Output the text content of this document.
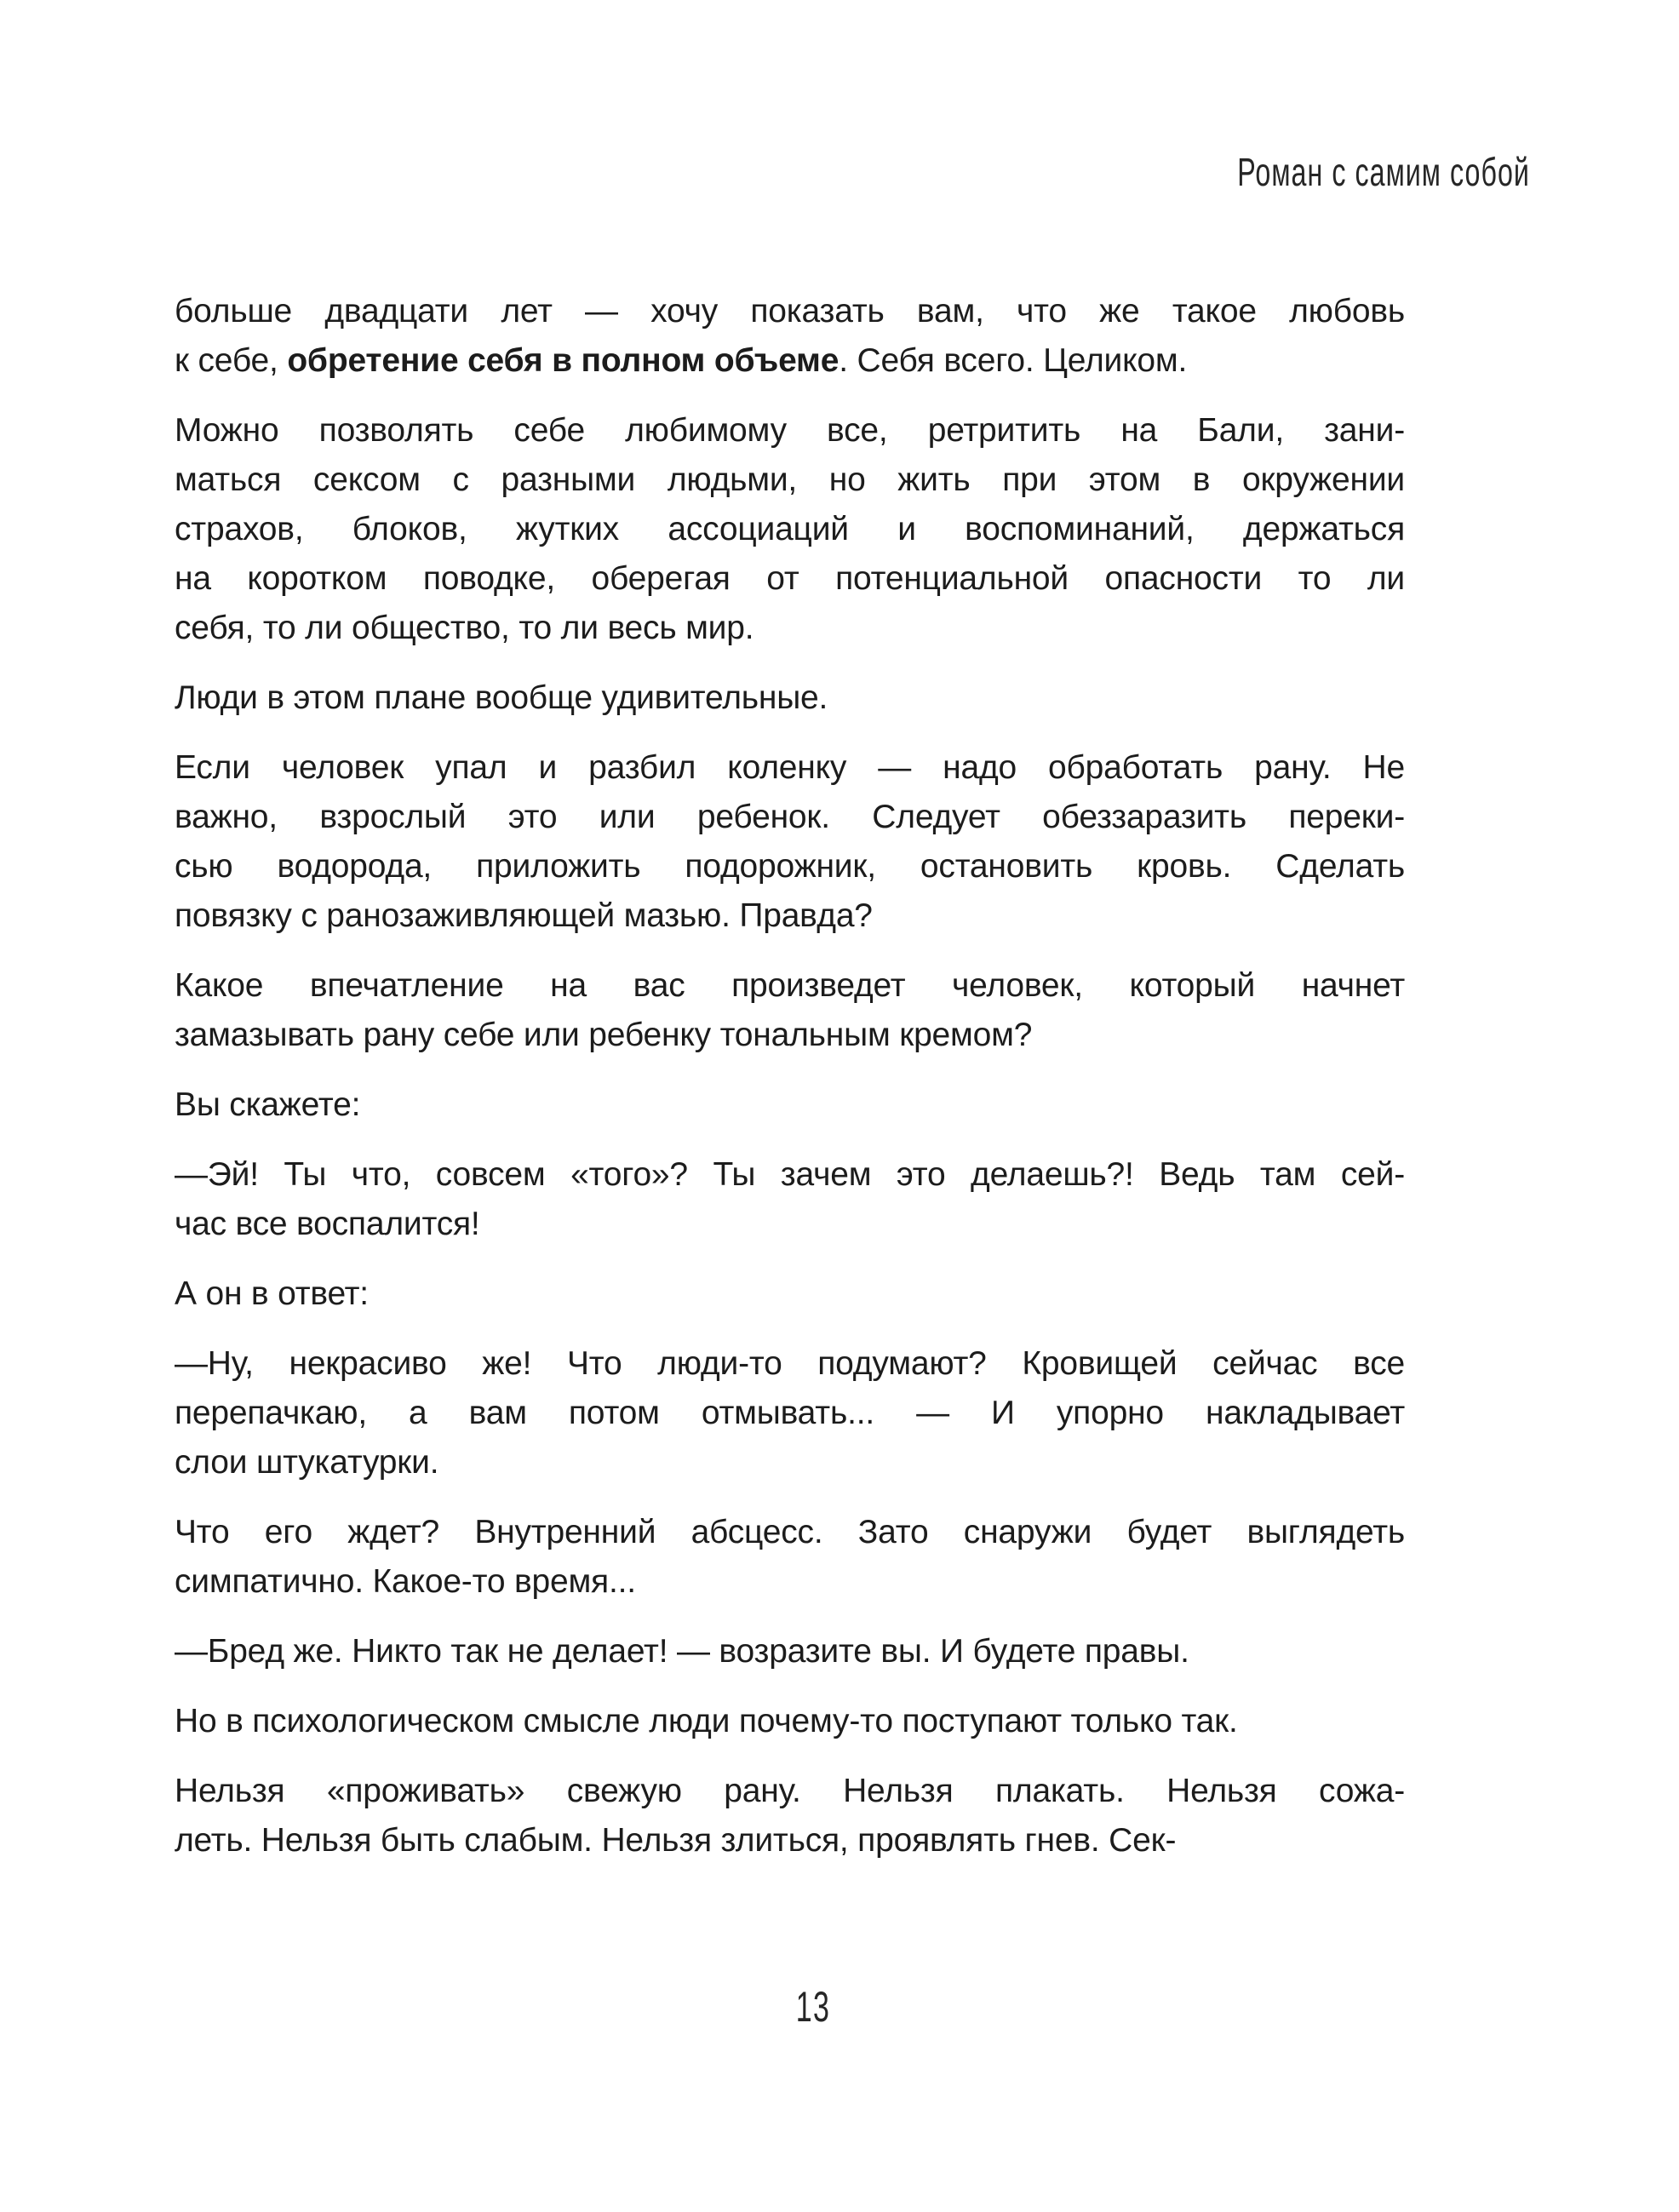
Роман с самим собой
больше двадцати лет — хочу показать вам, что же такое любовь
к себе, обретение себя в полном объеме. Себя всего. Целиком.
Можно позволять себе любимому все, ретритить на Бали, зани-
маться сексом с разными людьми, но жить при этом в окружении
страхов, блоков, жутких ассоциаций и воспоминаний, держаться
на коротком поводке, оберегая от потенциальной опасности то ли
себя, то ли общество, то ли весь мир.
Люди в этом плане вообще удивительные.
Если человек упал и разбил коленку — надо обработать рану. Не
важно, взрослый это или ребенок. Следует обеззаразить переки-
сью водорода, приложить подорожник, остановить кровь. Сделать
повязку с ранозаживляющей мазью. Правда?
Какое впечатление на вас произведет человек, который начнет
замазывать рану себе или ребенку тональным кремом?
Вы скажете:
—Эй! Ты что, совсем «того»? Ты зачем это делаешь?! Ведь там сей-
час все воспалится!
А он в ответ:
—Ну, некрасиво же! Что люди-то подумают? Кровищей сейчас все
перепачкаю, а вам потом отмывать... — И упорно накладывает
слои штукатурки.
Что его ждет? Внутренний абсцесс. Зато снаружи будет выглядеть
симпатично. Какое-то время...
—Бред же. Никто так не делает! — возразите вы. И будете правы.
Но в психологическом смысле люди почему-то поступают только так.
Нельзя «проживать» свежую рану. Нельзя плакать. Нельзя сожа-
леть. Нельзя быть слабым. Нельзя злиться, проявлять гнев. Сек-
13
